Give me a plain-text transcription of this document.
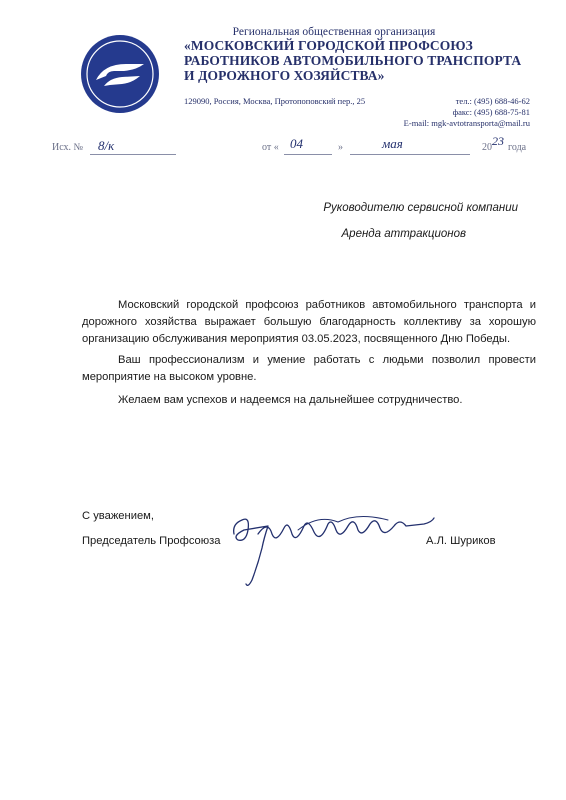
Региональная общественная организация
«МОСКОВСКИЙ ГОРОДСКОЙ ПРОФСОЮЗ
РАБОТНИКОВ АВТОМОБИЛЬНОГО ТРАНСПОРТА
И ДОРОЖНОГО ХОЗЯЙСТВА»
129090, Россия, Москва, Протопоповский пер., 25	тел.: (495) 688-46-62
факс: (495) 688-75-81
E-mail: mgk-avtotransporta@mail.ru
Исх. № 8/к	от « 04	»	мая	20 23 года
Руководителю сервисной компании
Аренда аттракционов

Московский городской профсоюз работников автомобильного транспорта и дорожного хозяйства выражает большую благодарность коллективу за хорошую организацию обслуживания мероприятия 03.05.2023, посвященного Дню Победы.

Ваш профессионализм и умение работать с людьми позволил провести мероприятие на высоком уровне.

Желаем вам успехов и надеемся на дальнейшее сотрудничество.

С уважением,
Председатель Профсоюза	А.Л. Шуриков
